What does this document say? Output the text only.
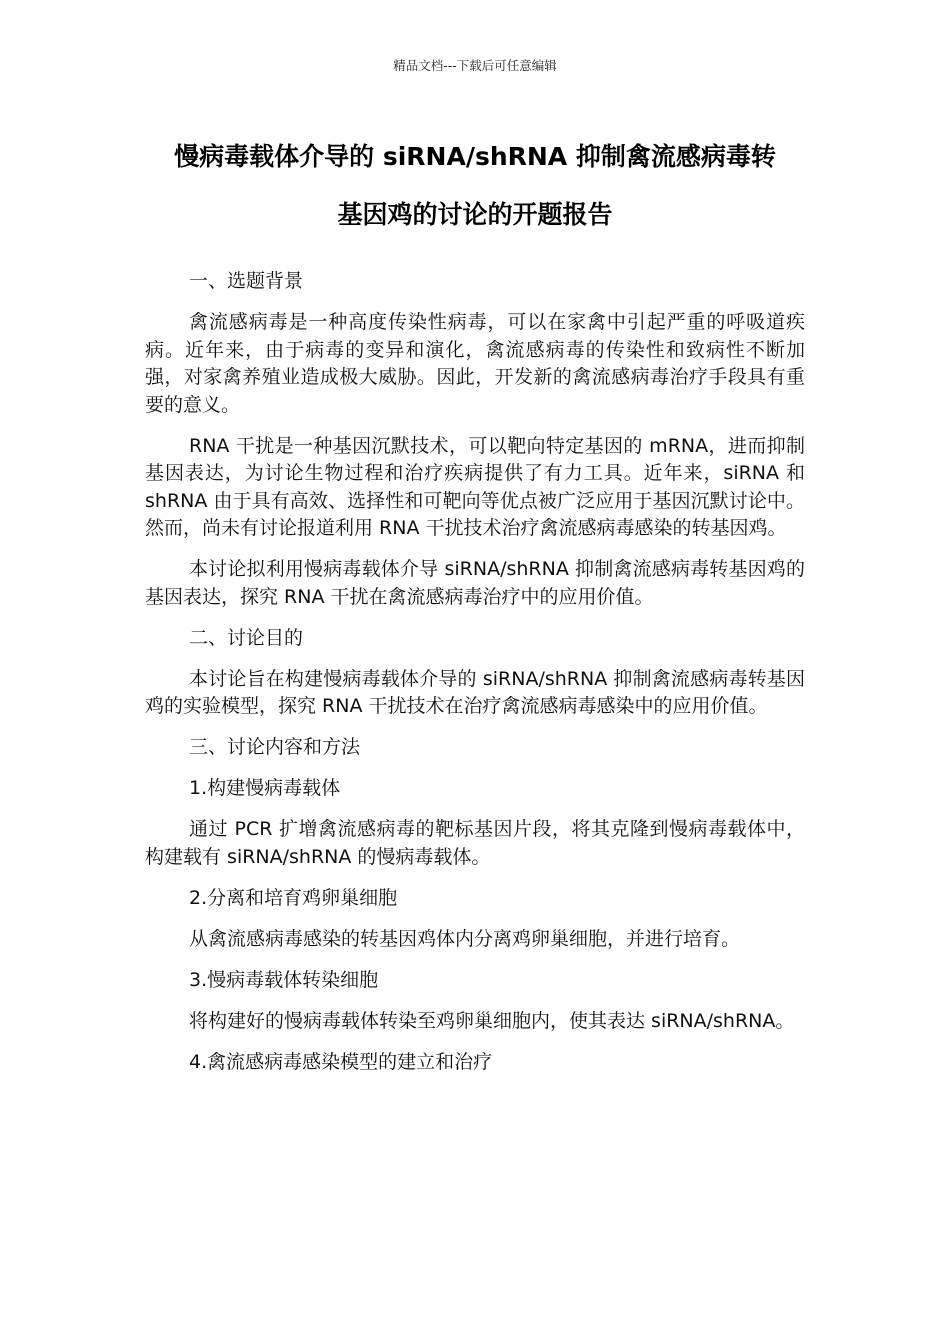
精品文档---下载后可任意编辑
慢病毒载体介导的 siRNA/shRNA 抑制禽流感病毒转
基因鸡的讨论的开题报告

一、选题背景

禽流感病毒是一种高度传染性病毒，可以在家禽中引起严重的呼吸道疾病。近年来，由于病毒的变异和演化，禽流感病毒的传染性和致病性不断加强，对家禽养殖业造成极大威胁。因此，开发新的禽流感病毒治疗手段具有重要的意义。

RNA 干扰是一种基因沉默技术，可以靶向特定基因的 mRNA，进而抑制基因表达，为讨论生物过程和治疗疾病提供了有力工具。近年来，siRNA 和 shRNA 由于具有高效、选择性和可靶向等优点被广泛应用于基因沉默讨论中。然而，尚未有讨论报道利用 RNA 干扰技术治疗禽流感病毒感染的转基因鸡。

本讨论拟利用慢病毒载体介导 siRNA/shRNA 抑制禽流感病毒转基因鸡的基因表达，探究 RNA 干扰在禽流感病毒治疗中的应用价值。

二、讨论目的

本讨论旨在构建慢病毒载体介导的 siRNA/shRNA 抑制禽流感病毒转基因鸡的实验模型，探究 RNA 干扰技术在治疗禽流感病毒感染中的应用价值。

三、讨论内容和方法

1.构建慢病毒载体

通过 PCR 扩增禽流感病毒的靶标基因片段，将其克隆到慢病毒载体中，构建载有 siRNA/shRNA 的慢病毒载体。

2.分离和培育鸡卵巢细胞

从禽流感病毒感染的转基因鸡体内分离鸡卵巢细胞，并进行培育。

3.慢病毒载体转染细胞

将构建好的慢病毒载体转染至鸡卵巢细胞内，使其表达 siRNA/shRNA。

4.禽流感病毒感染模型的建立和治疗
